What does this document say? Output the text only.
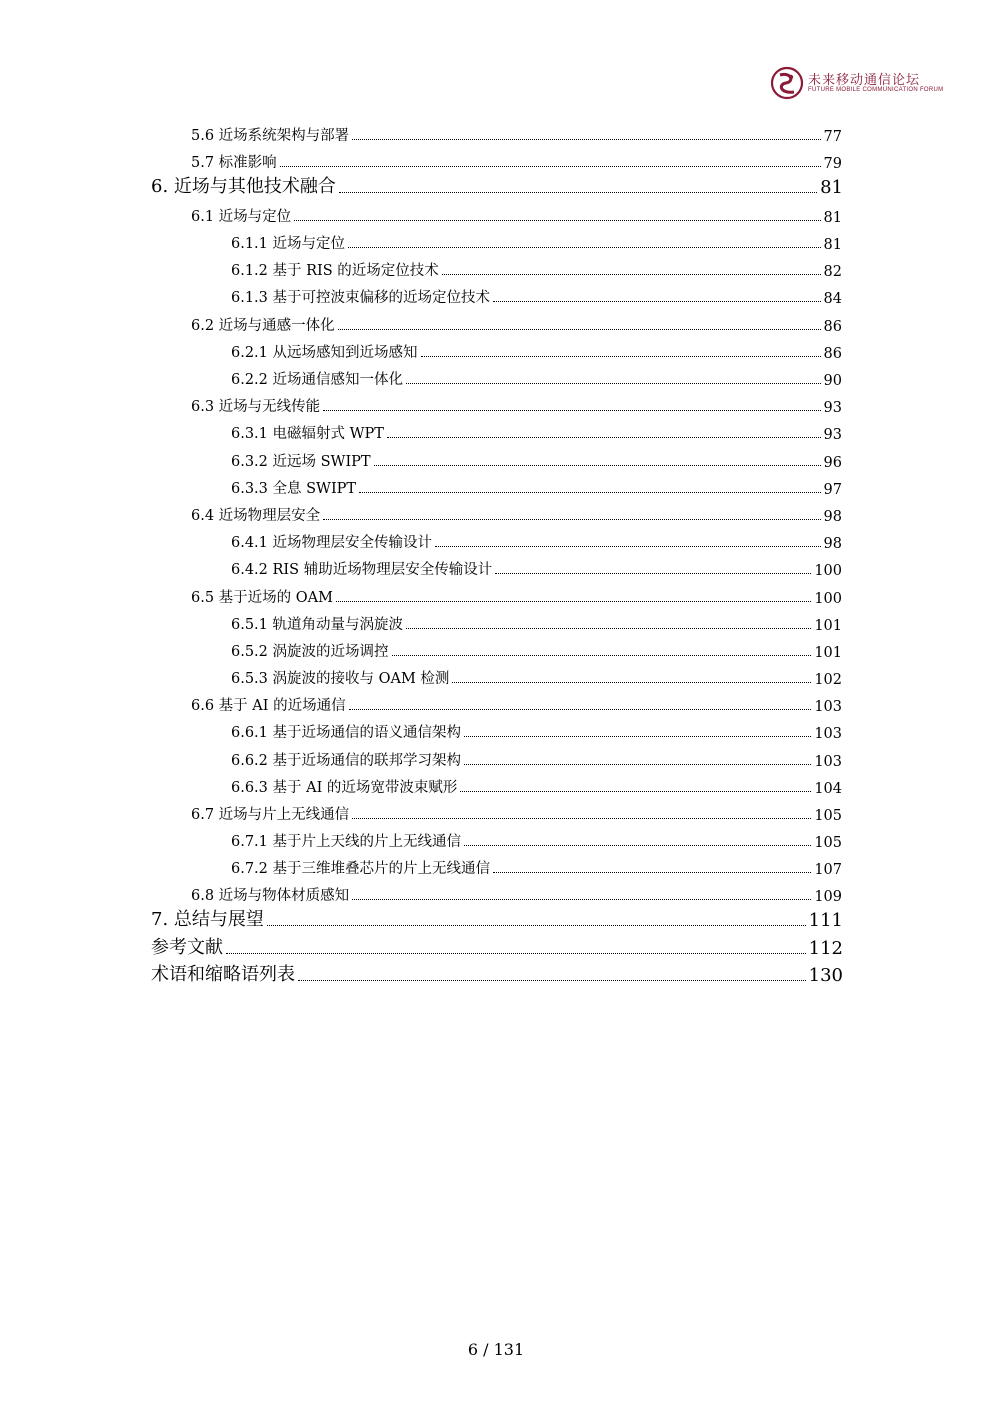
未来移动通信论坛
FUTURE MOBILE COMMUNICATION FORUM
5.6 近场系统架构与部署	77
5.7 标准影响	79
6. 近场与其他技术融合	81
6.1 近场与定位	81
6.1.1 近场与定位	81
6.1.2 基于 RIS 的近场定位技术	82
6.1.3 基于可控波束偏移的近场定位技术	84
6.2 近场与通感一体化	86
6.2.1 从远场感知到近场感知	86
6.2.2 近场通信感知一体化	90
6.3 近场与无线传能	93
6.3.1 电磁辐射式 WPT	93
6.3.2 近远场 SWIPT	96
6.3.3 全息 SWIPT	97
6.4 近场物理层安全	98
6.4.1 近场物理层安全传输设计	98
6.4.2 RIS 辅助近场物理层安全传输设计	100
6.5 基于近场的 OAM	100
6.5.1 轨道角动量与涡旋波	101
6.5.2 涡旋波的近场调控	101
6.5.3 涡旋波的接收与 OAM 检测	102
6.6 基于 AI 的近场通信	103
6.6.1 基于近场通信的语义通信架构	103
6.6.2 基于近场通信的联邦学习架构	103
6.6.3 基于 AI 的近场宽带波束赋形	104
6.7 近场与片上无线通信	105
6.7.1 基于片上天线的片上无线通信	105
6.7.2 基于三维堆叠芯片的片上无线通信	107
6.8 近场与物体材质感知	109
7. 总结与展望	111
参考文献	112
术语和缩略语列表	130
6 / 131
